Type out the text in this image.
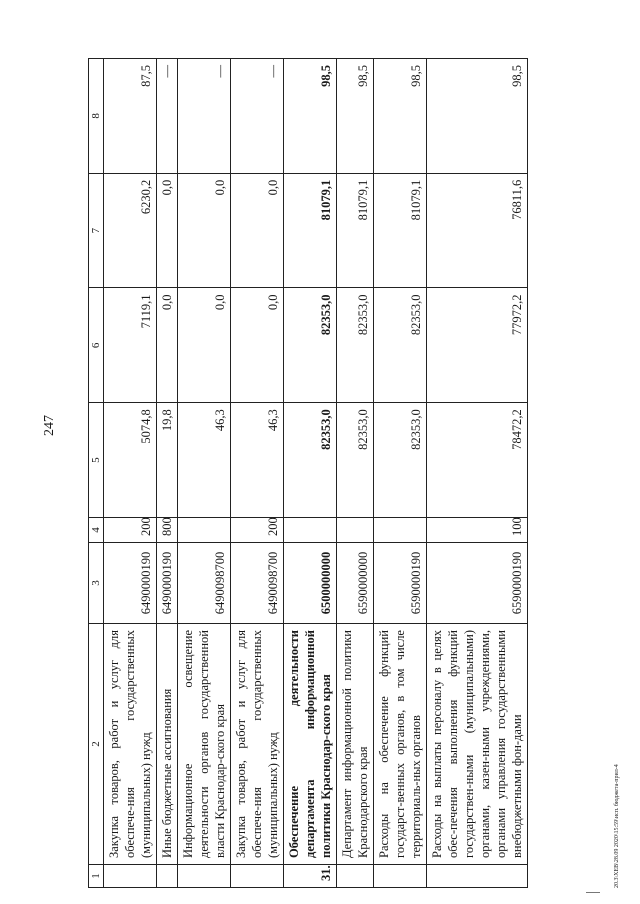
247
1	2	3	4	5	6	7	8
	Закупка товаров, работ и услуг для обеспече-ния государственных (муниципальных) нужд	6490000190	200	5074,8	7119,1	6230,2	87,5
	Иные бюджетные ассигнования	6490000190	800	19,8	0,0	0,0	—
	Информационное освещение деятельности органов государственной власти Краснодар-ского края	6490098700		46,3	0,0	0,0	—
	Закупка товаров, работ и услуг для обеспече-ния государственных (муниципальных) нужд	6490098700	200	46,3	0,0	0,0	—
31.	Обеспечение деятельности департамента информационной политики Краснодар-ского края	6500000000		82353,0	82353,0	81079,1	98,5
	Департамент информационной политики Краснодарского края	6590000000		82353,0	82353,0	81079,1	98,5
	Расходы на обеспечение функций государст-венных органов, в том числе территориаль-ных органов	6590000190		82353,0	82353,0	81079,1	98,5
	Расходы на выплаты персоналу в целях обес-печения выполнения функций государствен-ными (муниципальными) органами, казен-ными учреждениями, органами управления государственными внебюджетными фон-дами	6590000190	100	78472,2	77972,2	76811,6	98,5
20.3\XEB\28.09 2020\15:59\исп. бюджета-прил-4
